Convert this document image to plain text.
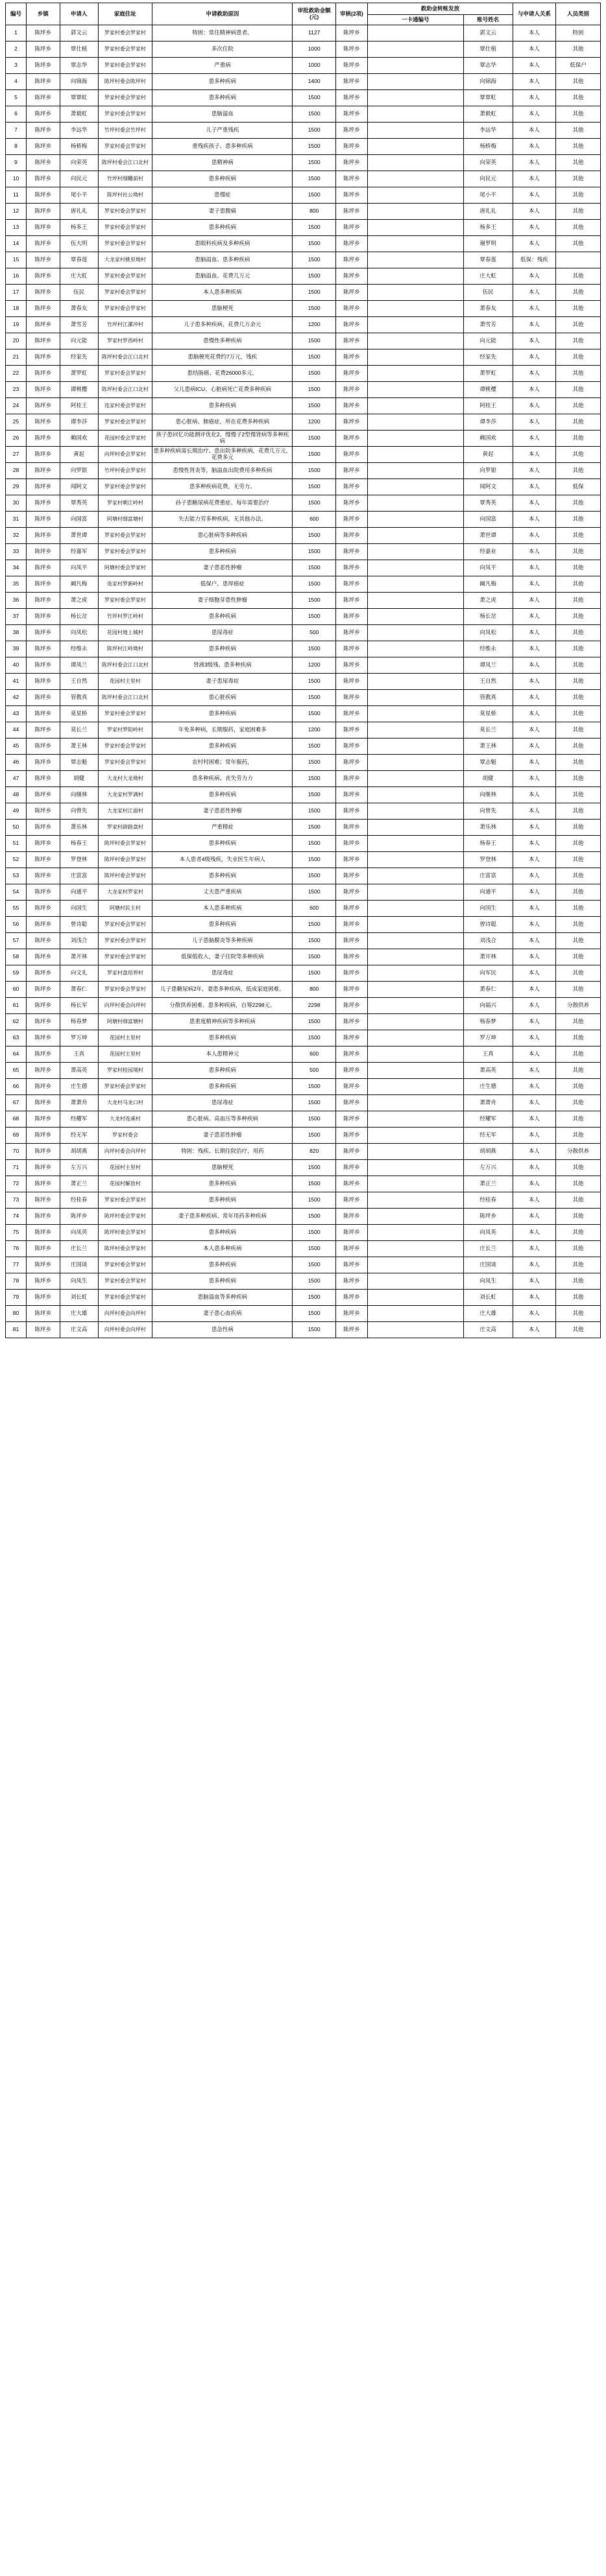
编号	乡镇	申请人	家庭住址	申请救助原因	审批救助金额(元)	审核(2项)	救助金转账发放		与申请人关系	人员类别
							一卡通编号	账号姓名		
1	陈坪乡	郭文云	罗家村委会罗家村	特困：常住精神病患者。	1127	陈坪乡		郭文云	本人	特困
2	陈坪乡	覃仕植	罗家村委会罗家村	多次住院	1000	陈坪乡		覃仕植	本人	其他
3	陈坪乡	覃志华	罗家村委会罗家村	严重病	1000	陈坪乡		覃志华	本人	低保户
4	陈坪乡	向锦海	陈坪村委会陈坪村	患多种疾病	1400	陈坪乡		向锦海	本人	其他
5	陈坪乡	覃覃虹	罗家村委会罗家村	患多种疾病	1500	陈坪乡		覃覃虹	本人	其他
6	陈坪乡	萧毅虹	罗家村委会罗家村	患脑溢血	1500	陈坪乡		萧毅虹	本人	其他
7	陈坪乡	李远华	竹坪村委会竹坪村	儿子严重残疾	1500	陈坪乡		李远华	本人	其他
8	陈坪乡	杨桥梅	罗家村委会罗家村	重残疾孩子、患多种疾病	1500	陈坪乡		杨桥梅	本人	其他
9	陈坪乡	向荣英	陈坪村委会江口北村	患精神病	1500	陈坪乡		向荣英	本人	其他
10	陈坪乡	向民元	竹坪村细幡前村	患多种疾病	1500	陈坪乡		向民元	本人	其他
11	陈坪乡	尾小平	陈坪村社公坳村	患慢症	1500	陈坪乡		尾小平	本人	其他
12	陈坪乡	唐礼礼	罗家村委会罗家村	妻子患腹痛	800	陈坪乡		唐礼礼	本人	其他
13	陈坪乡	杨多王	罗家村委会罗家村	患多种疾病	1500	陈坪乡		杨多王	本人	其他
14	陈坪乡	伍大明	罗家村委会罗家村	患眼科疾病及多种疾病	1500	陈坪乡		谢罗明	本人	其他
15	陈坪乡	覃春莲	大龙家村桃里坳村	患脑溢血、患多种疾病	1500	陈坪乡		覃春莲	低保：残疾	
16	陈坪乡	庄大虹	罗家村委会罗家村	患脑溢血、花费几万元	1500	陈坪乡		庄大虹	本人	其他
17	陈坪乡	伍民	罗家村委会罗家村	本人患多种疾病	1500	陈坪乡		伍民	本人	其他
18	陈坪乡	萧春友	罗家村委会罗家村	患脑梗死	1500	陈坪乡		萧春友	本人	其他
19	陈坪乡	萧雪芳	竹坪村江漯冲村	儿子患多种疾病，花费几万余元	1200	陈坪乡		萧雪芳	本人	其他
20	陈坪乡	向元能	罗家村罗西岭村	患慢性多种疾病	1500	陈坪乡		向元能	本人	其他
21	陈坪乡	经家先	陈坪村委会江口北村	患脑梗死花费约7万元，残疾	1500	陈坪乡		经家先	本人	其他
22	陈坪乡	萧罗虹	罗家村委会罗家村	患结肠癌、花费26000多元。	1500	陈坪乡		萧罗虹	本人	其他
23	陈坪乡	谭桃樱	陈坪村委会江口北村	父儿患病ICU、心脏病死亡花费多种疾病	1500	陈坪乡		谭桃樱	本人	其他
24	陈坪乡	阿桂王	连家村委会罗家村	患多种疾病	1500	陈坪乡		阿桂王	本人	其他
25	陈坪乡	谭李莎	罗家村委会罗家村	患心脏病、肺癌症，所在花费多种疾病	1200	陈坪乡		谭李莎	本人	其他
26	陈坪乡	赖国欢	花园村委会罗家村	孩子患回忆功能测评优化2、慢慢子2型慢肾病等多种疾病	1500	陈坪乡		赖国欢	本人	其他
27	陈坪乡	黄起	向坪村委会罗家村	患多种疾病需长期治疗、患出院多种疾病，花费几万元，花费多元	1500	陈坪乡		黄起	本人	其他
28	陈坪乡	向罗银	竹坪村委会罗家村	患慢性肾炎等，脑溢血出院费用多种疾病	1500	陈坪乡		向罗银	本人	其他
29	陈坪乡	闻阿文	罗家村委会罗家村	患多种疾病花费，无劳力。	1500	陈坪乡		闻阿文	本人	低保
30	陈坪乡	覃秀英	罗家村朝江岭村	孙子患糖尿病花费重症、每年需要治疗	1500	陈坪乡		覃秀英	本人	其他
31	陈坪乡	向国富	阿塘村细富塘村	失去能力劳多种疾病，无其他办法。	600	陈坪乡		向国富	本人	其他
32	陈坪乡	萧世谭	罗家村委会罗家村	患心脏病等多种疾病	1500	陈坪乡		萧世谭	本人	其他
33	陈坪乡	经嘉军	罗家村委会罗家村	患多种疾病	1500	陈坪乡		经嘉业	本人	其他
34	陈坪乡	向凤平	阿塘村委会罗家村	妻子患恶性肿瘤	1500	陈坪乡		向凤平	本人	其他
35	陈坪乡	阚凡梅	连家村罗新岭村	低保户，患厚癌症	1500	陈坪乡		阚凡梅	本人	其他
36	陈坪乡	萧之虎	罗家村委会罗家村	妻子细胞芽患性肿瘤	1500	陈坪乡		萧之虎	本人	其他
37	陈坪乡	杨长岔	竹坪村罗江岭村	患多种疾病	1500	陈坪乡		杨长岔	本人	其他
38	陈坪乡	向凤松	花园村地上城村	患尿毒症	500	陈坪乡		向凤松	本人	其他
39	陈坪乡	经维永	陈坪村江岭坳村	患多种疾病	1500	陈坪乡		经维永	本人	其他
40	陈坪乡	谭凤兰	陈坪村委会江口北村	肾液3级残、患多种疾病	1200	陈坪乡		谭凤兰	本人	其他
41	陈坪乡	王自然	花园村主里村	妻子患尿毒症	1500	陈坪乡		王自然	本人	其他
42	陈坪乡	管教真	陈坪村委会江口北村	患心脏疾病	1500	陈坪乡		管教真	本人	其他
43	陈坪乡	莫星桥	罗家村委会罗家村	患多种疾病	1500	陈坪乡		莫星桥	本人	其他
44	陈坪乡	莫长兰	罗家村罗阳岭村	年免多种病，长期服药，家庭困难多	1200	陈坪乡		莫长兰	本人	其他
45	陈坪乡	萧王林	罗家村委会罗家村	患多种疾病	1500	陈坪乡		萧王林	本人	其他
46	陈坪乡	覃志魁	罗家村委会罗家村	农村村困难；常年服药，	1500	陈坪乡		覃志魁	本人	其他
47	陈坪乡	胡健	大龙村大龙坳村	患多种疾病、丧失劳力力	1500	陈坪乡		胡健	本人	其他
48	陈坪乡	向继林	大龙家村罗满村	患多种疾病	1500	陈坪乡		向继林	本人	其他
49	陈坪乡	向曾先	大龙家村江面村	妻子患恶性肿瘤	1500	陈坪乡		向曾先	本人	其他
50	陈坪乡	萧乐林	罗家村辟路盘村	严重精症	1500	陈坪乡		萧乐林	本人	其他
51	陈坪乡	杨春王	陈坪村委会罗家村	患多种疾病	1500	陈坪乡		杨春王	本人	其他
52	陈坪乡	罗登林	陈坪村委会罗家村	本人患者4级残疾，失业医生年病人	1500	陈坪乡		罗登林	本人	其他
53	陈坪乡	庄富富	陈坪村委会罗家村	患多种疾病	1500	陈坪乡		庄富富	本人	其他
54	陈坪乡	向通平	大龙家村罗家村	丈夫患严重疾病	1500	陈坪乡		向通平	本人	其他
55	陈坪乡	向国生	阿塘村民主村	本人患多种疾病	600	陈坪乡		向国生	本人	其他
56	陈坪乡	曾诗聪	罗家村委会罗家村	患多种疾病	1500	陈坪乡		曾诗聪	本人	其他
57	陈坪乡	刘浅合	罗家村委会罗家村	儿子患脑膜炎等多种疾病	1500	陈坪乡		刘浅合	本人	其他
58	陈坪乡	萧开林	罗家村委会罗家村	低保低收入，妻子住院等多种疾病	1500	陈坪乡		萧开林	本人	其他
59	陈坪乡	向文礼	罗家村盘用界村	患尿毒症	1500	陈坪乡		向军民	本人	其他
60	陈坪乡	萧春仁	罗家村委会罗家村	儿子患糖尿病2年，妻患多种疾病，低成家庭困难。	800	陈坪乡		萧春仁	本人	其他
61	陈坪乡	杨长军	向坪村委会向坪村	分散供养困难、患多种疾病，自筹2298元。	2298	陈坪乡		向福兴	本人	分散供养
62	陈坪乡	杨春梦	阿塘村细富塘村	患重度精神疾病等多种疾病	1500	陈坪乡		杨春梦	本人	其他
63	陈坪乡	罗万坤	花园村主里村	患多种疾病	1500	陈坪乡		罗万坤	本人	其他
64	陈坪乡	王真	花园村主里村	本人患精神元	600	陈坪乡		王真	本人	其他
65	陈坪乡	萧高英	罗家村桂园境村	患多种疾病	500	陈坪乡		萧高英	本人	其他
66	陈坪乡	庄生德	罗家村委会罗家村	患多种疾病	1500	陈坪乡		庄生德	本人	其他
67	陈坪乡	萧萧舟	大龙村马龙口村	患尿毒症	1500	陈坪乡		萧萧舟	本人	其他
68	陈坪乡	经耀军	大龙村连溪村	患心脏病、高血压等多种疾病	1500	陈坪乡		经耀军	本人	其他
69	陈坪乡	经无军	罗家村委会	妻子患恶性肿瘤	1500	陈坪乡		经无军	本人	其他
70	陈坪乡	胡胡燕	向坪村委会向坪村	特困：残疾、长期住院治疗，用药	820	陈坪乡		胡胡燕	本人	分散供养
71	陈坪乡	左万兴	花园村主里村	患脑梗死	1500	陈坪乡		左万兴	本人	其他
72	陈坪乡	萧正兰	花园村解放村	患多种疾病	1500	陈坪乡		萧正兰	本人	其他
73	陈坪乡	经桂春	罗家村委会罗家村	患多种疾病	1500	陈坪乡		经桂春	本人	其他
74	陈坪乡	陈坪乡	陈坪村委会罗家村	妻子患多种疾病、常年用药多种疾病	1500	陈坪乡		陈坪乡	本人	其他
75	陈坪乡	向凤英	陈坪村委会罗家村	患多种疾病	1500	陈坪乡		向凤英	本人	其他
76	陈坪乡	庄长兰	陈坪村委会罗家村	本人患多种疾病	1500	陈坪乡		庄长兰	本人	其他
77	陈坪乡	庄国谈	罗家村委会罗家村	患多种疾病	1500	陈坪乡		庄国谈	本人	其他
78	陈坪乡	向凤生	罗家村委会罗家村	患多种疾病	1500	陈坪乡		向凤生	本人	其他
79	陈坪乡	刘长虹	罗家村委会罗家村	患脑溢血等多种疾病	1500	陈坪乡		刘长虹	本人	其他
80	陈坪乡	庄大雄	向坪村委会向坪村	妻子患心血疾病	1500	陈坪乡		庄大雄	本人	其他
81	陈坪乡	庄文高	向坪村委会向坪村	患急性病	1500	陈坪乡		庄文高	本人	其他
